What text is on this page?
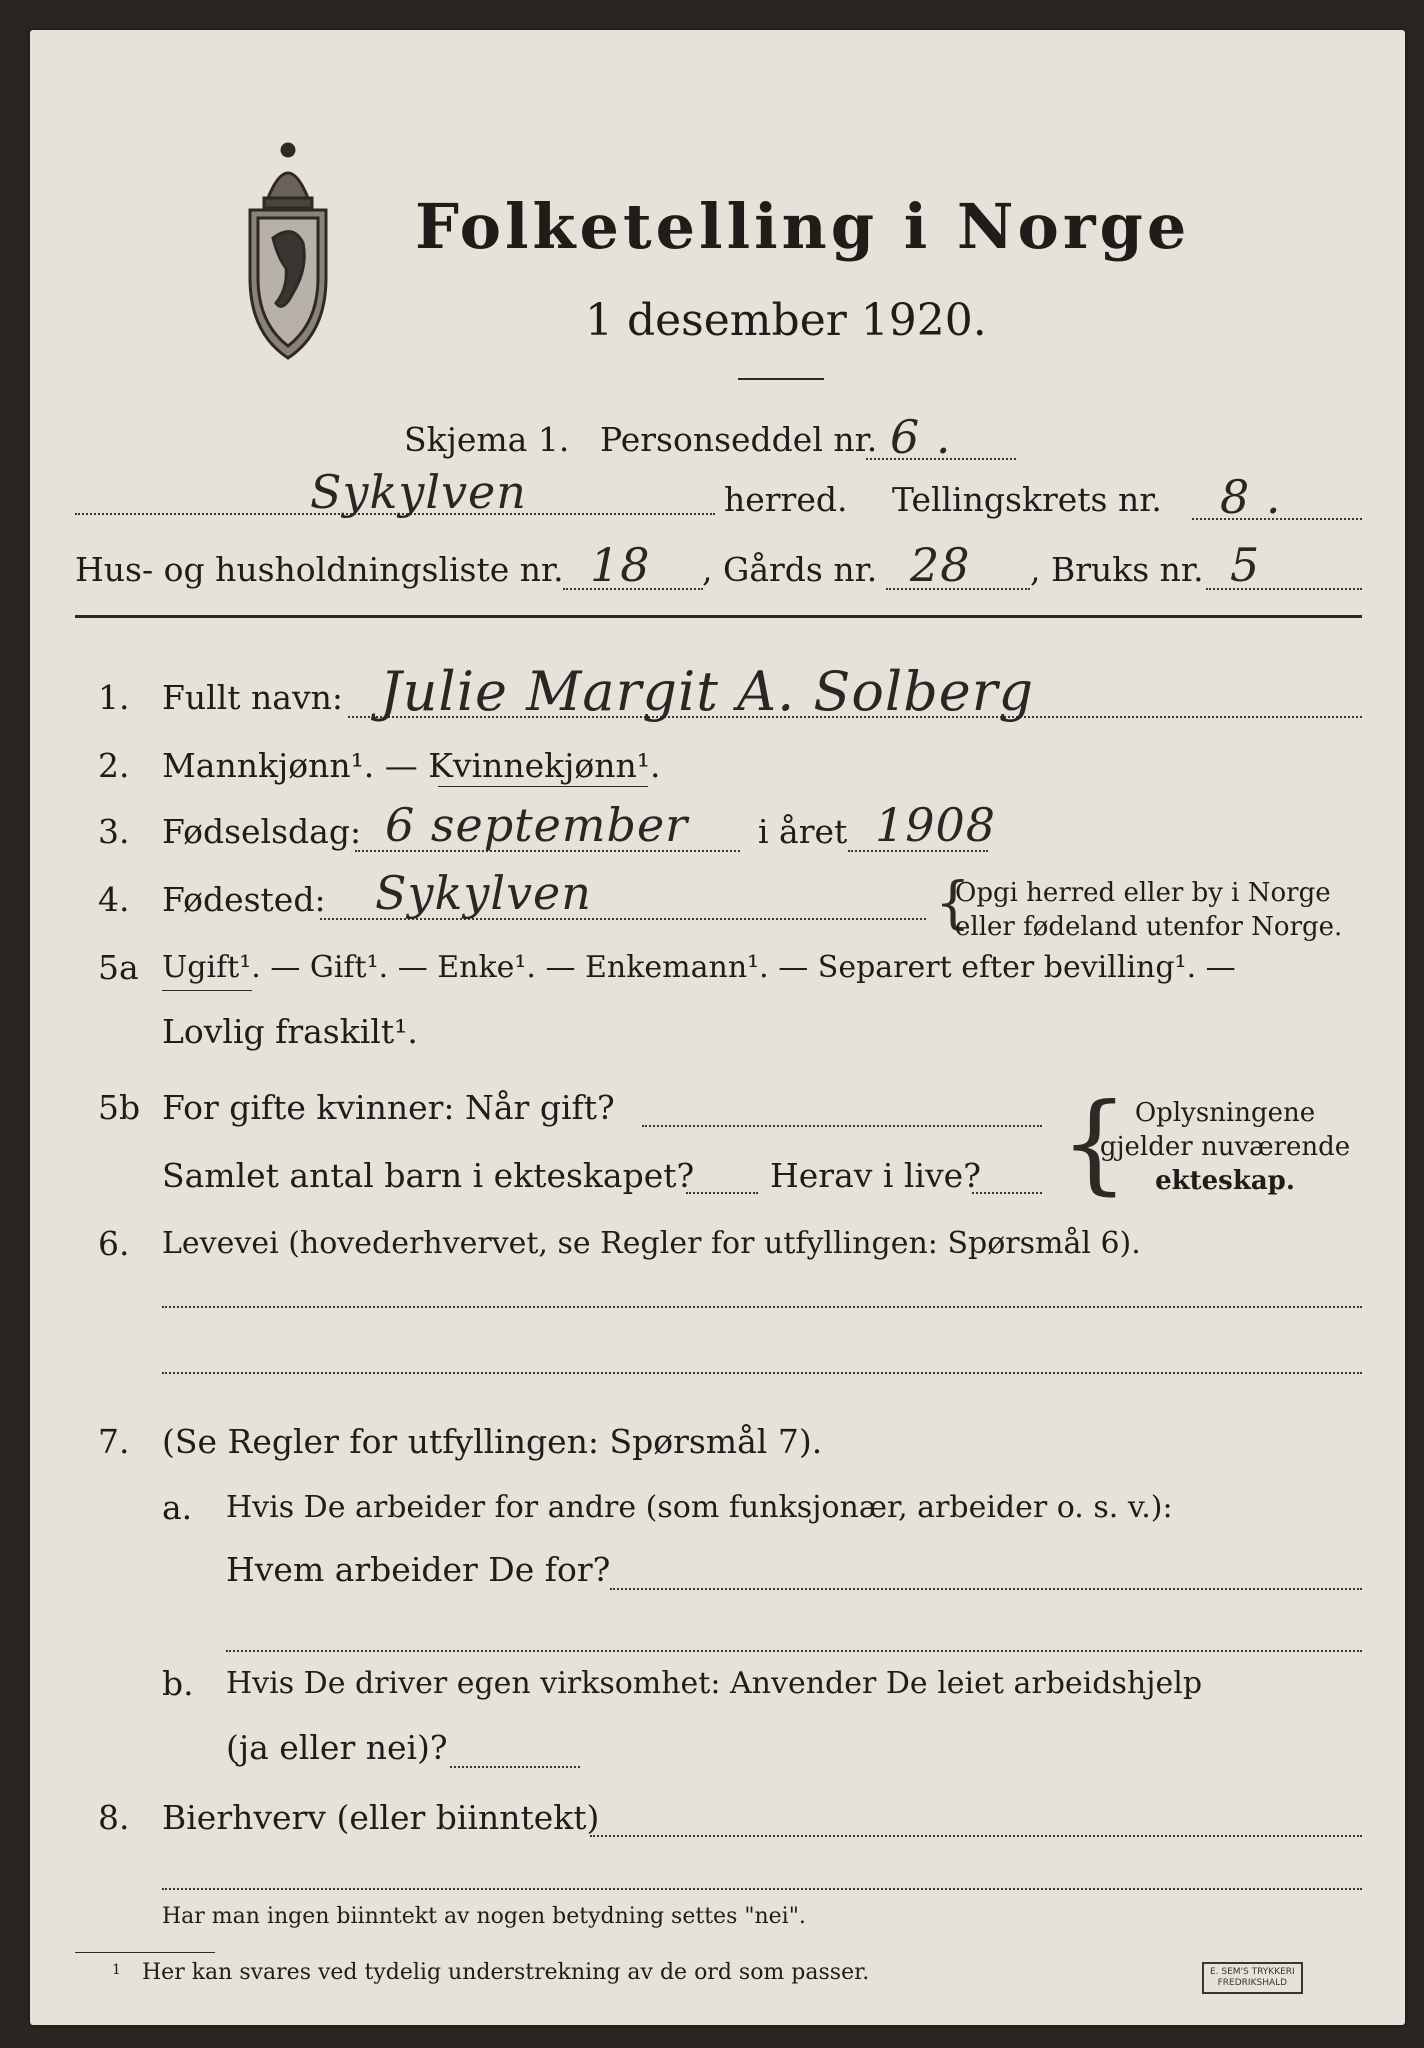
Folketelling i Norge
1 desember 1920.
Skjema 1. Personseddel nr. 6 .
Sykylven	herred. Tellingskrets nr. 8 .
Hus- og husholdningsliste nr. 18 , Gårds nr. 28 , Bruks nr. 5
1. Fullt navn: Julie Margit A. Solberg
2. Mannkjønn¹. — Kvinnekjønn¹.
3. Fødselsdag: 6 september i året 1908
4. Fødested: Sykylven	{
Opgi herred eller by i Norge
eller fødeland utenfor Norge.
5a Ugift¹. — Gift¹. — Enke¹. — Enkemann¹. — Separert efter bevilling¹. —
Lovlig fraskilt¹.
5b For gifte kvinner: Når gift?
Samlet antal barn i ekteskapet? Herav i live? { Oplysningene
gjelder nuværende
ekteskap.
6. Levevei (hovederhvervet, se Regler for utfyllingen: Spørsmål 6).
7. (Se Regler for utfyllingen: Spørsmål 7).
a. Hvis De arbeider for andre (som funksjonær, arbeider o. s. v.):
Hvem arbeider De for?
b. Hvis De driver egen virksomhet: Anvender De leiet arbeidshjelp
(ja eller nei)?
8. Bierhverv (eller biinntekt)
Har man ingen biinntekt av nogen betydning settes "nei".
1 Her kan svares ved tydelig understrekning av de ord som passer.	E. SEM'S TRYKKERI
FREDRIKSHALD
